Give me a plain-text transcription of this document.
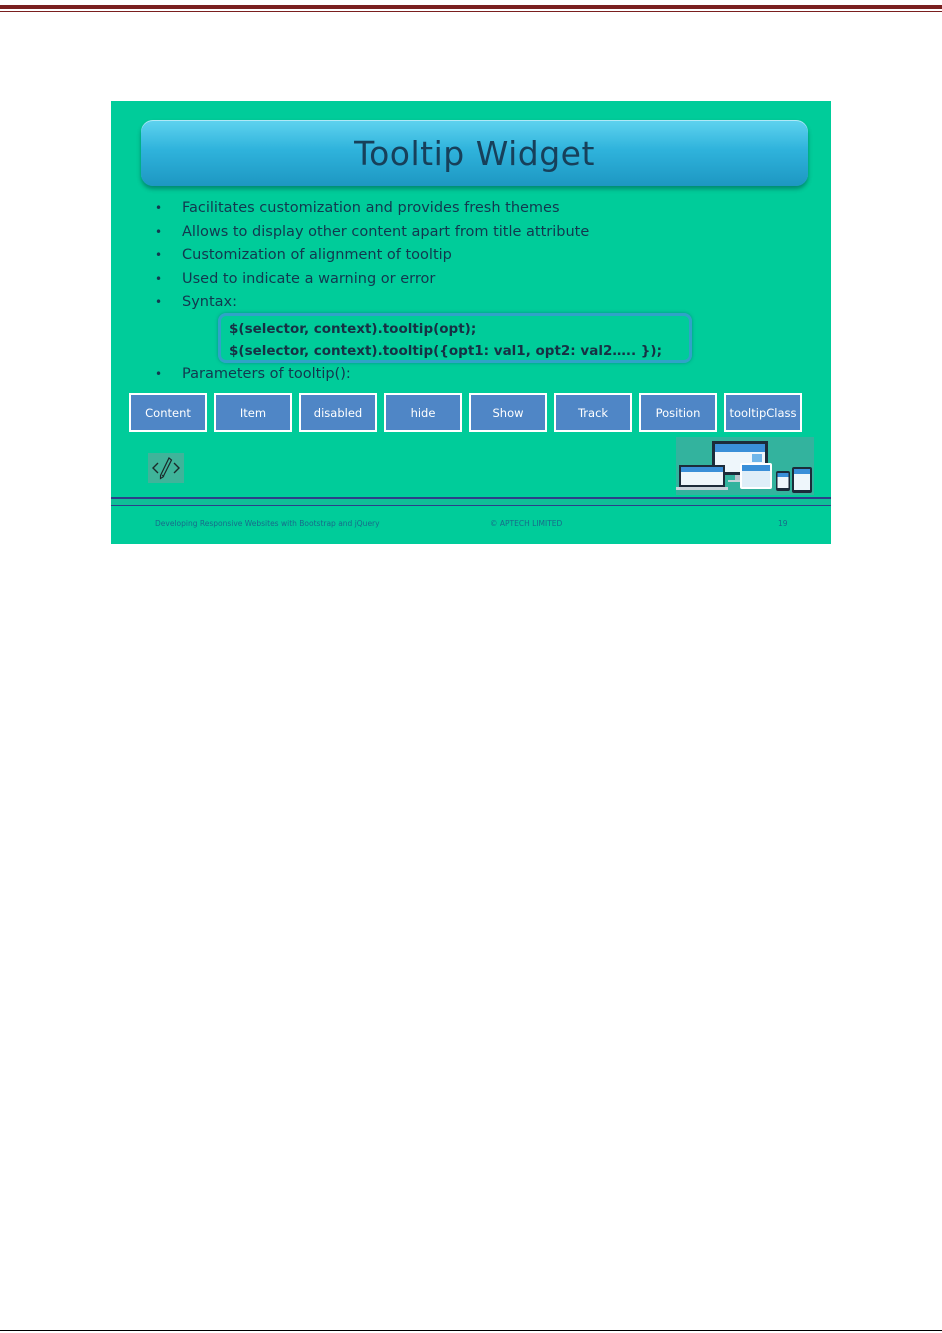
Tooltip Widget
• Facilitates customization and provides fresh themes
• Allows to display other content apart from title attribute
• Customization of alignment of tooltip
• Used to indicate a warning or error
• Syntax:
• Parameters of tooltip():
$(selector, context).tooltip(opt);
$(selector, context).tooltip({opt1: val1, opt2: val2….. });
Content	Item	disabled	hide	Show	Track	Position	tooltipClass
Developing Responsive Websites with Bootstrap and jQuery	© APTECH LIMITED	19
